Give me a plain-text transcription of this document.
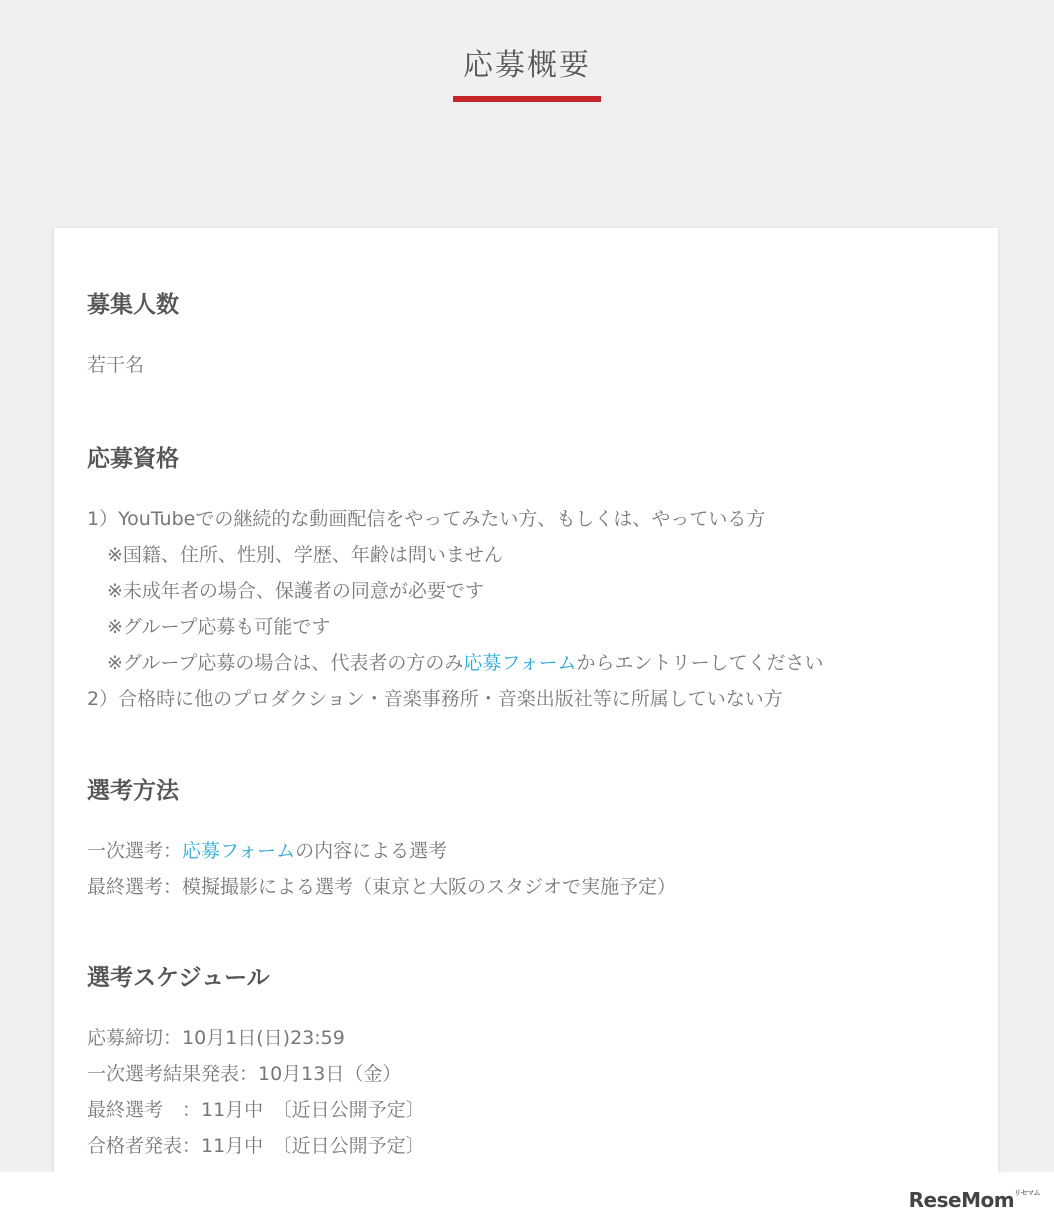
応募概要
募集人数
若干名
応募資格
1）YouTubeでの継続的な動画配信をやってみたい方、もしくは、やっている方
※国籍、住所、性別、学歴、年齢は問いません
※未成年者の場合、保護者の同意が必要です
※グループ応募も可能です
※グループ応募の場合は、代表者の方のみ応募フォームからエントリーしてください
2）合格時に他のプロダクション・音楽事務所・音楽出版社等に所属していない方
選考方法
一次選考：応募フォームの内容による選考
最終選考：模擬撮影による選考（東京と大阪のスタジオで実施予定）
選考スケジュール
応募締切：10月1日(日)23:59
一次選考結果発表：10月13日（金）
最終選考　：11月中　〔近日公開予定〕
合格者発表：11月中　〔近日公開予定〕
ReseMom$^{リセマム}$
